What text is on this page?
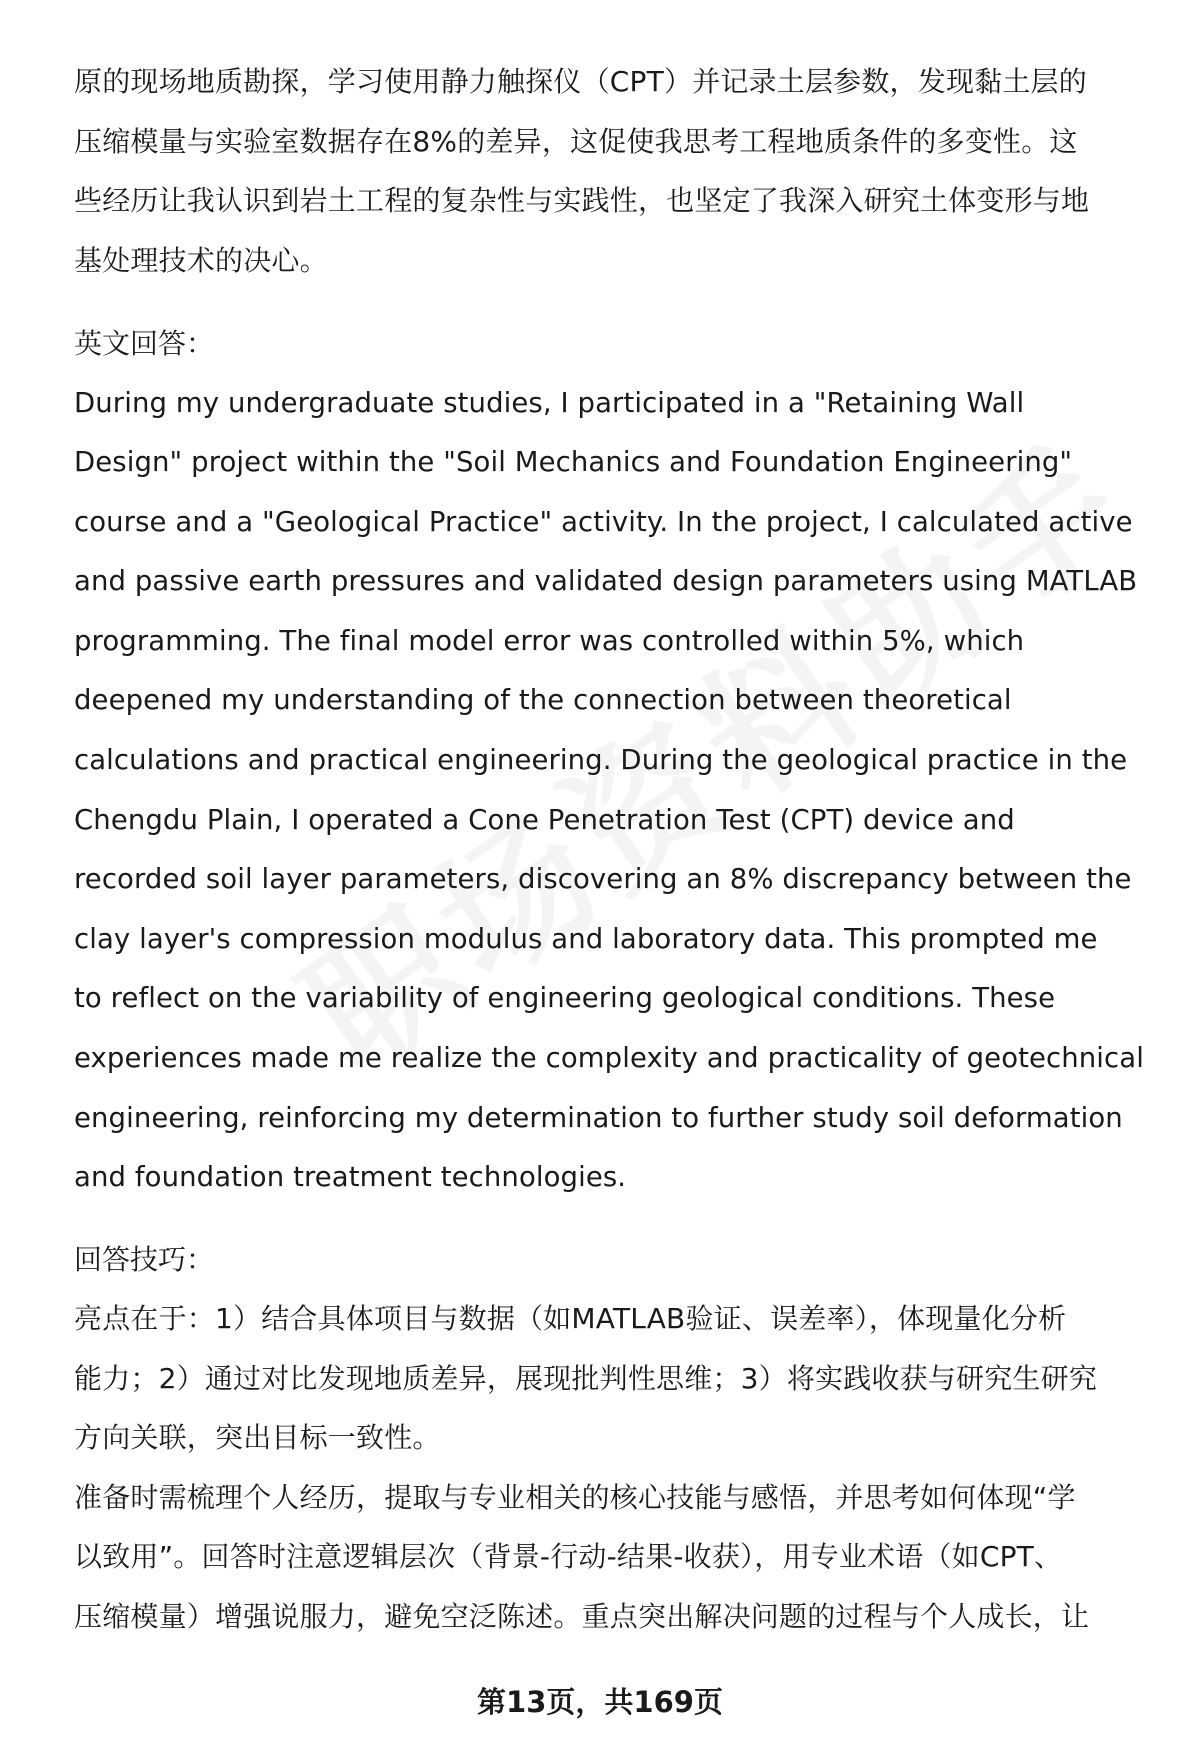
原的现场地质勘探，学习使用静力触探仪（CPT）并记录土层参数，发现黏土层的

压缩模量与实验室数据存在8%的差异，这促使我思考工程地质条件的多变性。这

些经历让我认识到岩土工程的复杂性与实践性，也坚定了我深入研究土体变形与地

基处理技术的决心。

英文回答：

During my undergraduate studies, I participated in a "Retaining Wall

Design" project within the "Soil Mechanics and Foundation Engineering"

course and a "Geological Practice" activity. In the project, I calculated active

and passive earth pressures and validated design parameters using MATLAB

programming. The final model error was controlled within 5%, which

deepened my understanding of the connection between theoretical

calculations and practical engineering. During the geological practice in the

Chengdu Plain, I operated a Cone Penetration Test (CPT) device and

recorded soil layer parameters, discovering an 8% discrepancy between the

clay layer's compression modulus and laboratory data. This prompted me

to reflect on the variability of engineering geological conditions. These

experiences made me realize the complexity and practicality of geotechnical

engineering, reinforcing my determination to further study soil deformation

and foundation treatment technologies.

回答技巧：

亮点在于：1）结合具体项目与数据（如MATLAB验证、误差率），体现量化分析

能力；2）通过对比发现地质差异，展现批判性思维；3）将实践收获与研究生研究

方向关联，突出目标一致性。

准备时需梳理个人经历，提取与专业相关的核心技能与感悟，并思考如何体现“学

以致用”。回答时注意逻辑层次（背景-行动-结果-收获），用专业术语（如CPT、

压缩模量）增强说服力，避免空泛陈述。重点突出解决问题的过程与个人成长，让

第13页，共169页
